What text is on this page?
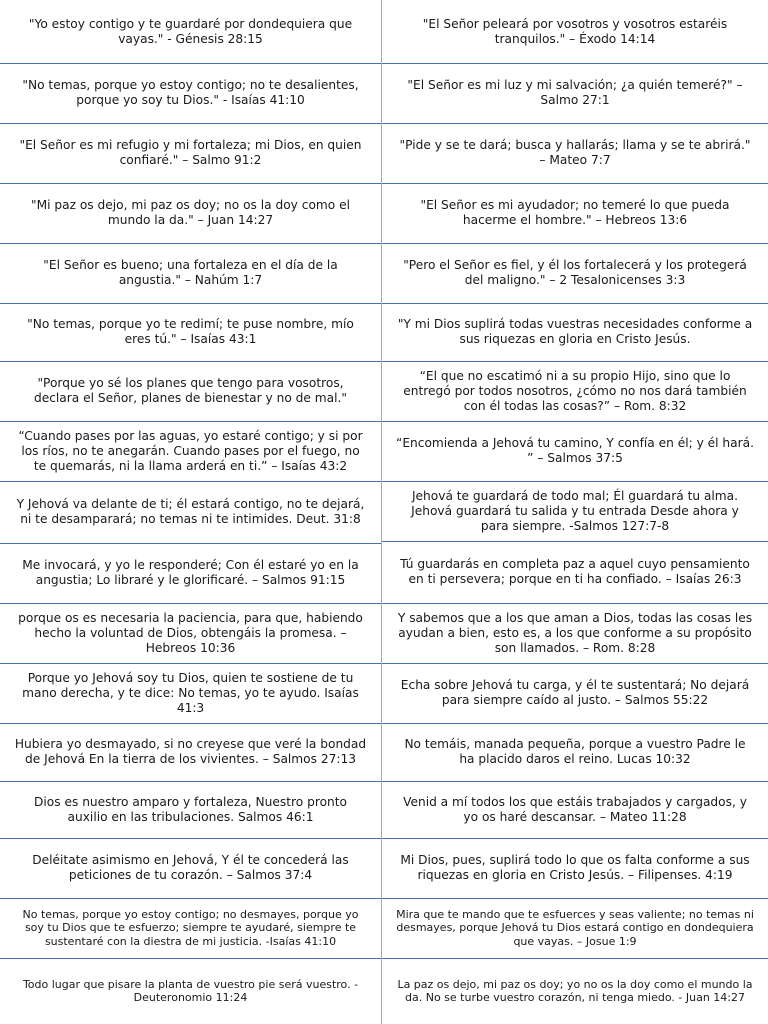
"Yo estoy contigo y te guardaré por dondequiera que vayas." - Génesis 28:15
"No temas, porque yo estoy contigo; no te desalientes, porque yo soy tu Dios." - Isaías 41:10
"El Señor es mi refugio y mi fortaleza; mi Dios, en quien confiaré." – Salmo 91:2
"Mi paz os dejo, mi paz os doy; no os la doy como el mundo la da." – Juan 14:27
"El Señor es bueno; una fortaleza en el día de la angustia." – Nahúm 1:7
"No temas, porque yo te redimí; te puse nombre, mío eres tú." – Isaías 43:1
"Porque yo sé los planes que tengo para vosotros, declara el Señor, planes de bienestar y no de mal."
“Cuando pases por las aguas, yo estaré contigo; y si por los ríos, no te anegarán. Cuando pases por el fuego, no te quemarás, ni la llama arderá en ti.” – Isaías 43:2
Y Jehová va delante de ti; él estará contigo, no te dejará, ni te desamparará; no temas ni te intimides. Deut. 31:8
Me invocará, y yo le responderé; Con él estaré yo en la angustia; Lo libraré y le glorificaré. – Salmos 91:15
porque os es necesaria la paciencia, para que, habiendo hecho la voluntad de Dios, obtengáis la promesa. – Hebreos 10:36
Porque yo Jehová soy tu Dios, quien te sostiene de tu mano derecha, y te dice: No temas, yo te ayudo. Isaías 41:3
Hubiera yo desmayado, si no creyese que veré la bondad de Jehová En la tierra de los vivientes. – Salmos 27:13
Dios es nuestro amparo y fortaleza, Nuestro pronto auxilio en las tribulaciones. Salmos 46:1
Deléitate asimismo en Jehová, Y él te concederá las peticiones de tu corazón. – Salmos 37:4
No temas, porque yo estoy contigo; no desmayes, porque yo soy tu Dios que te esfuerzo; siempre te ayudaré, siempre te sustentaré con la diestra de mi justicia. -Isaías 41:10
Todo lugar que pisare la planta de vuestro pie será vuestro. - Deuteronomio 11:24
"El Señor peleará por vosotros y vosotros estaréis tranquilos." – Éxodo 14:14
"El Señor es mi luz y mi salvación; ¿a quién temeré?" – Salmo 27:1
"Pide y se te dará; busca y hallarás; llama y se te abrirá." – Mateo 7:7
"El Señor es mi ayudador; no temeré lo que pueda hacerme el hombre." – Hebreos 13:6
"Pero el Señor es fiel, y él los fortalecerá y los protegerá del maligno." – 2 Tesalonicenses 3:3
"Y mi Dios suplirá todas vuestras necesidades conforme a sus riquezas en gloria en Cristo Jesús.
“El que no escatimó ni a su propio Hijo, sino que lo entregó por todos nosotros, ¿cómo no nos dará también con él todas las cosas?” – Rom. 8:32
“Encomienda a Jehová tu camino, Y confía en él; y él hará. ” – Salmos 37:5
Jehová te guardará de todo mal; Él guardará tu alma. Jehová guardará tu salida y tu entrada Desde ahora y para siempre. -Salmos 127:7-8
Tú guardarás en completa paz a aquel cuyo pensamiento en ti persevera; porque en ti ha confiado. – Isaías 26:3
Y sabemos que a los que aman a Dios, todas las cosas les ayudan a bien, esto es, a los que conforme a su propósito son llamados. – Rom. 8:28
Echa sobre Jehová tu carga, y él te sustentará; No dejará para siempre caído al justo. – Salmos 55:22
No temáis, manada pequeña, porque a vuestro Padre le ha placido daros el reino. Lucas 10:32
Venid a mí todos los que estáis trabajados y cargados, y yo os haré descansar. – Mateo 11:28
Mi Dios, pues, suplirá todo lo que os falta conforme a sus riquezas en gloria en Cristo Jesús. – Filipenses. 4:19
Mira que te mando que te esfuerces y seas valiente; no temas ni desmayes, porque Jehová tu Dios estará contigo en dondequiera que vayas. – Josue 1:9
La paz os dejo, mi paz os doy; yo no os la doy como el mundo la da. No se turbe vuestro corazón, ni tenga miedo. - Juan 14:27
